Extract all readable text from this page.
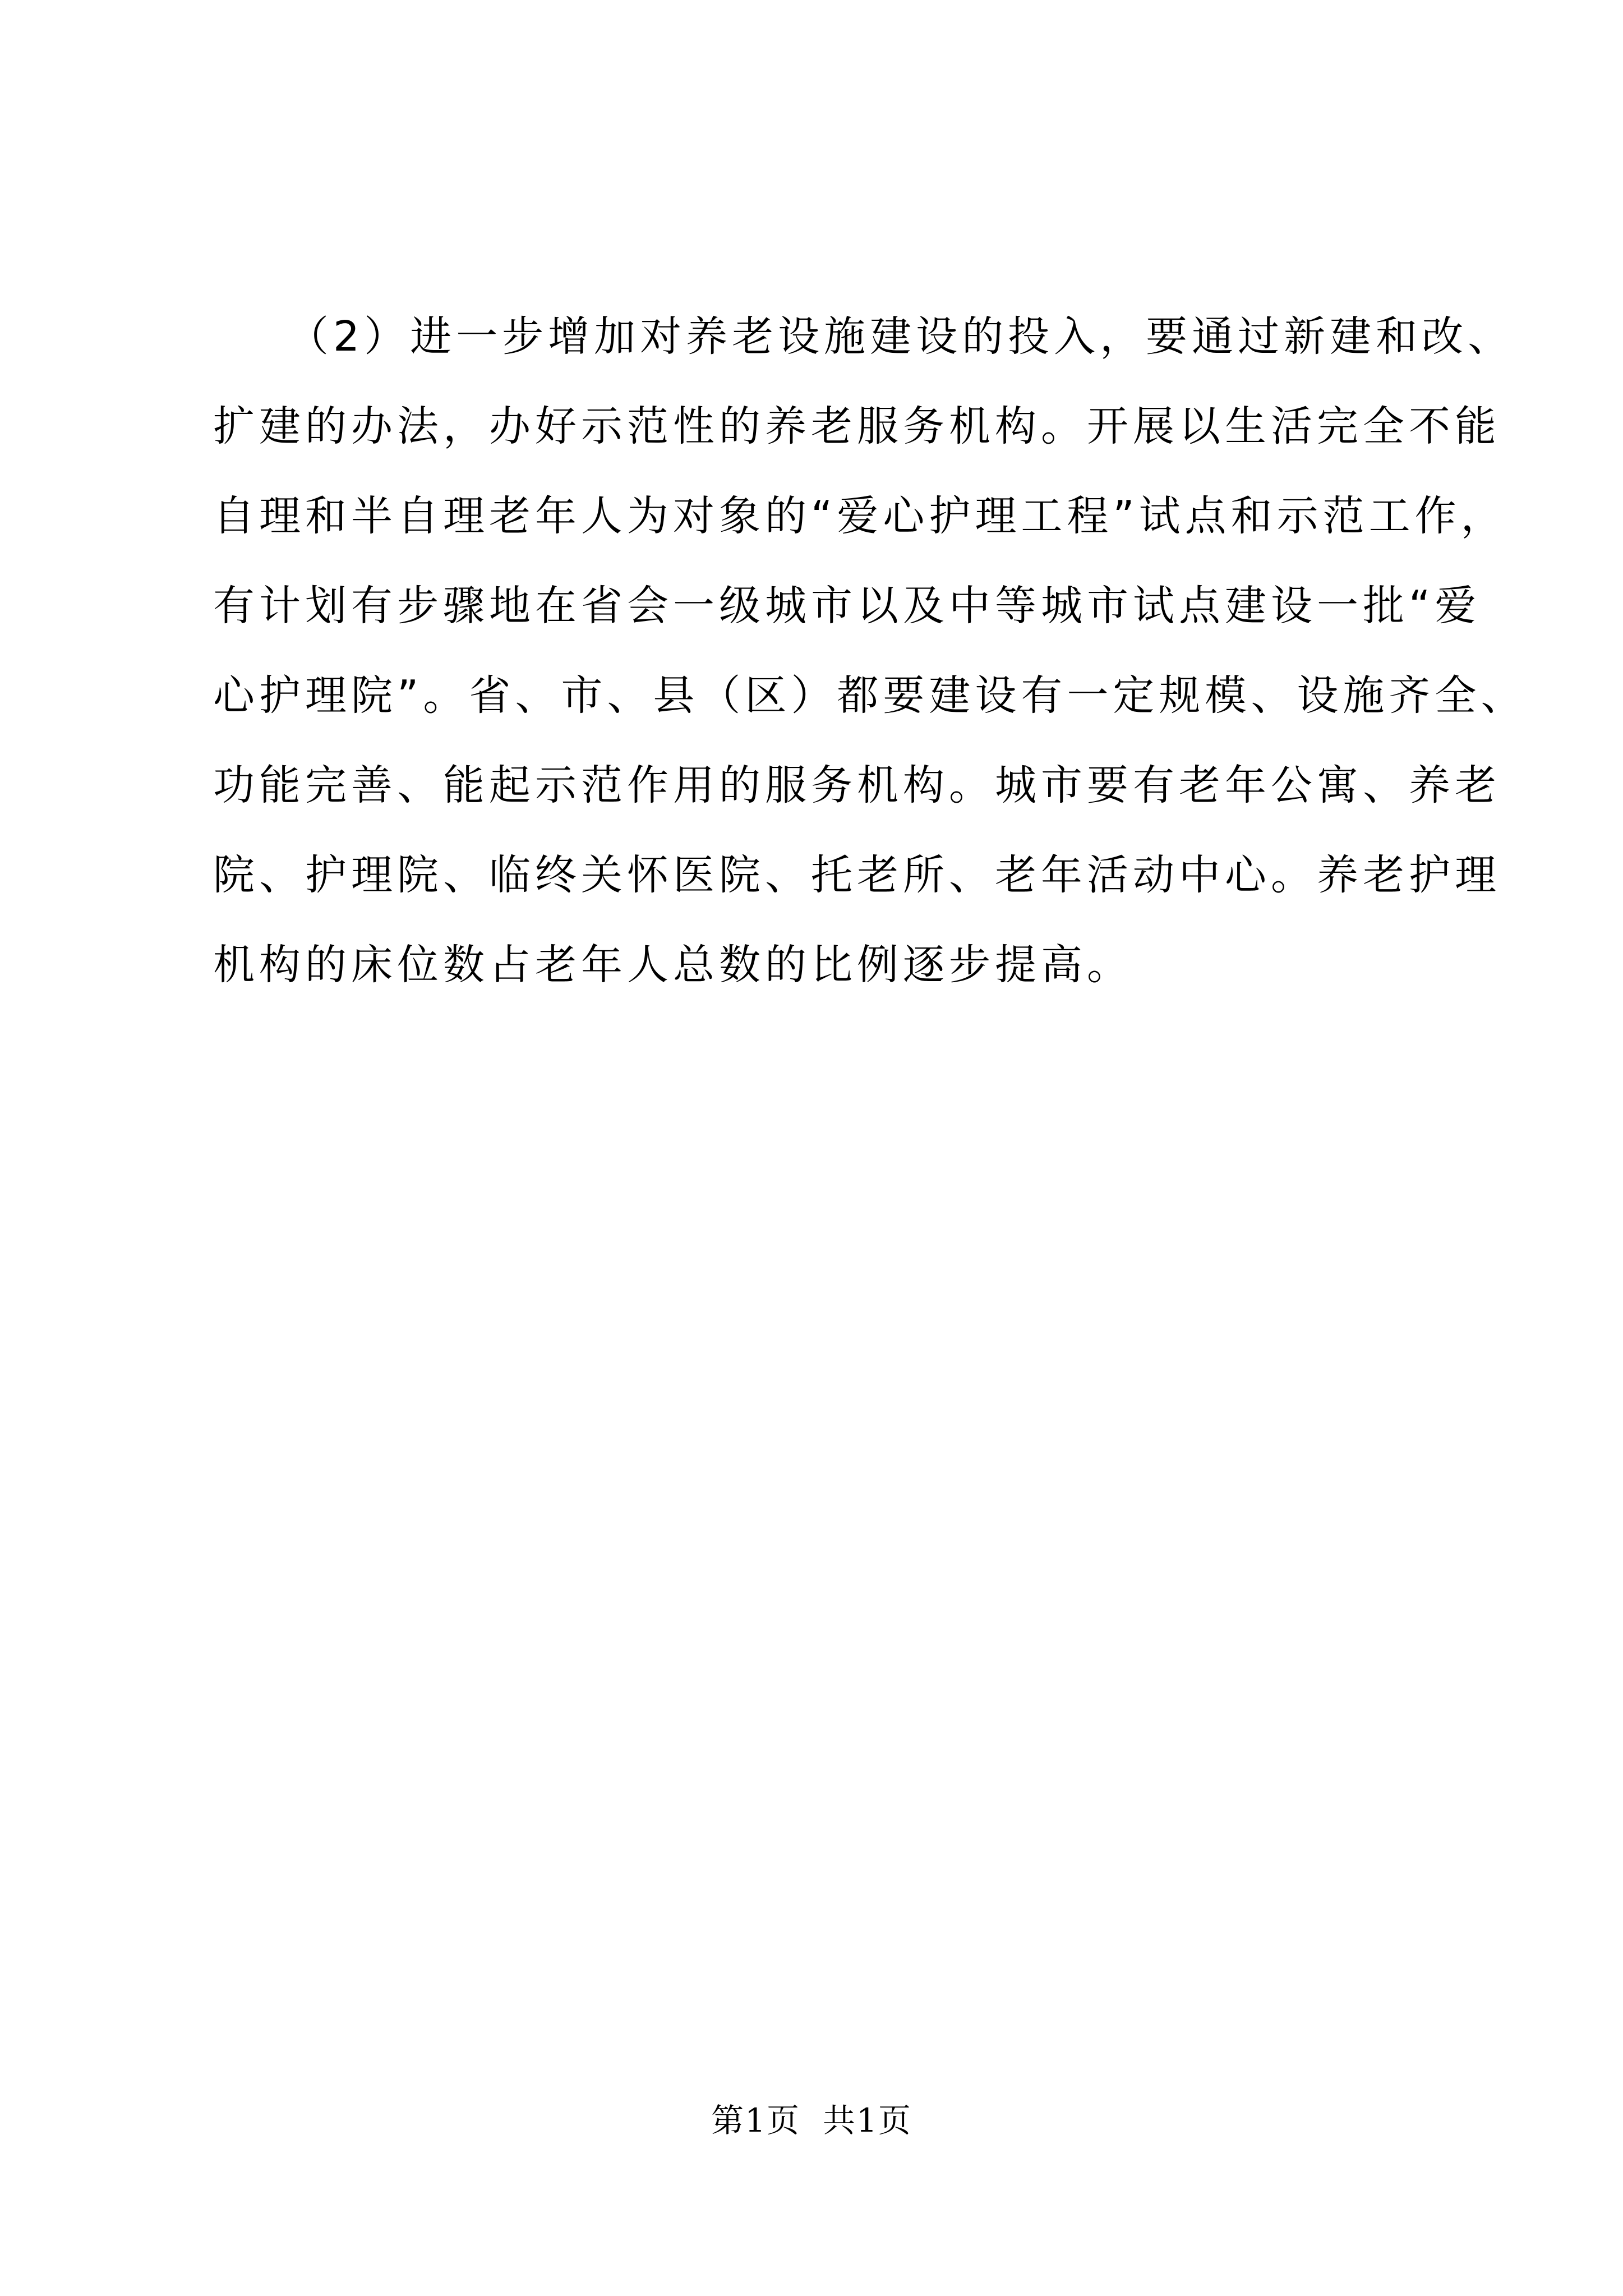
（2）进一步增加对养老设施建设的投入，要通过新建和改、
扩建的办法，办好示范性的养老服务机构。开展以生活完全不能
自理和半自理老年人为对象的“爱心护理工程”试点和示范工作，
有计划有步骤地在省会一级城市以及中等城市试点建设一批“爱
心护理院”。省、市、县（区）都要建设有一定规模、设施齐全、
功能完善、能起示范作用的服务机构。城市要有老年公寓、养老
院、护理院、临终关怀医院、托老所、老年活动中心。养老护理
机构的床位数占老年人总数的比例逐步提高。
第1页 共1页
